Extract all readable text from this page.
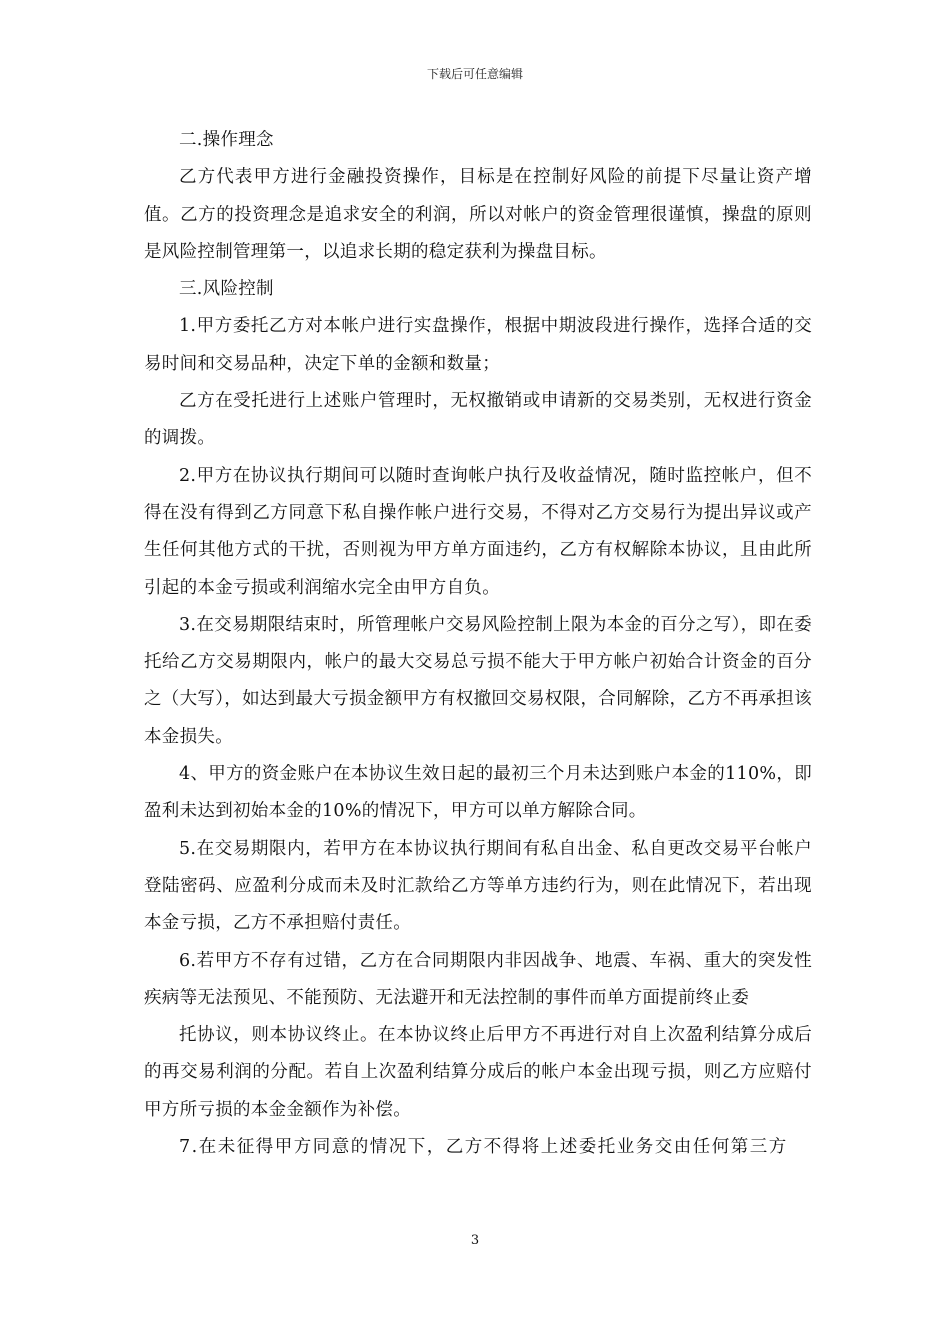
下载后可任意编辑

二.操作理念

乙方代表甲方进行金融投资操作，目标是在控制好风险的前提下尽量让资产增值。乙方的投资理念是追求安全的利润，所以对帐户的资金管理很谨慎，操盘的原则是风险控制管理第一，以追求长期的稳定获利为操盘目标。

三.风险控制

1.甲方委托乙方对本帐户进行实盘操作，根据中期波段进行操作，选择合适的交易时间和交易品种，决定下单的金额和数量；

乙方在受托进行上述账户管理时，无权撤销或申请新的交易类别，无权进行资金的调拨。

2.甲方在协议执行期间可以随时查询帐户执行及收益情况，随时监控帐户，但不得在没有得到乙方同意下私自操作帐户进行交易，不得对乙方交易行为提出异议或产生任何其他方式的干扰，否则视为甲方单方面违约，乙方有权解除本协议，且由此所引起的本金亏损或利润缩水完全由甲方自负。

3.在交易期限结束时，所管理帐户交易风险控制上限为本金的百分之写），即在委托给乙方交易期限内，帐户的最大交易总亏损不能大于甲方帐户初始合计资金的百分之（大写），如达到最大亏损金额甲方有权撤回交易权限，合同解除，乙方不再承担该本金损失。

4、甲方的资金账户在本协议生效日起的最初三个月未达到账户本金的110%，即盈利未达到初始本金的10%的情况下，甲方可以单方解除合同。

5.在交易期限内，若甲方在本协议执行期间有私自出金、私自更改交易平台帐户登陆密码、应盈利分成而未及时汇款给乙方等单方违约行为，则在此情况下，若出现本金亏损，乙方不承担赔付责任。

6.若甲方不存有过错，乙方在合同期限内非因战争、地震、车祸、重大的突发性疾病等无法预见、不能预防、无法避开和无法控制的事件而单方面提前终止委

托协议，则本协议终止。在本协议终止后甲方不再进行对自上次盈利结算分成后的再交易利润的分配。若自上次盈利结算分成后的帐户本金出现亏损，则乙方应赔付甲方所亏损的本金金额作为补偿。

7.在未征得甲方同意的情况下，乙方不得将上述委托业务交由任何第三方

3
